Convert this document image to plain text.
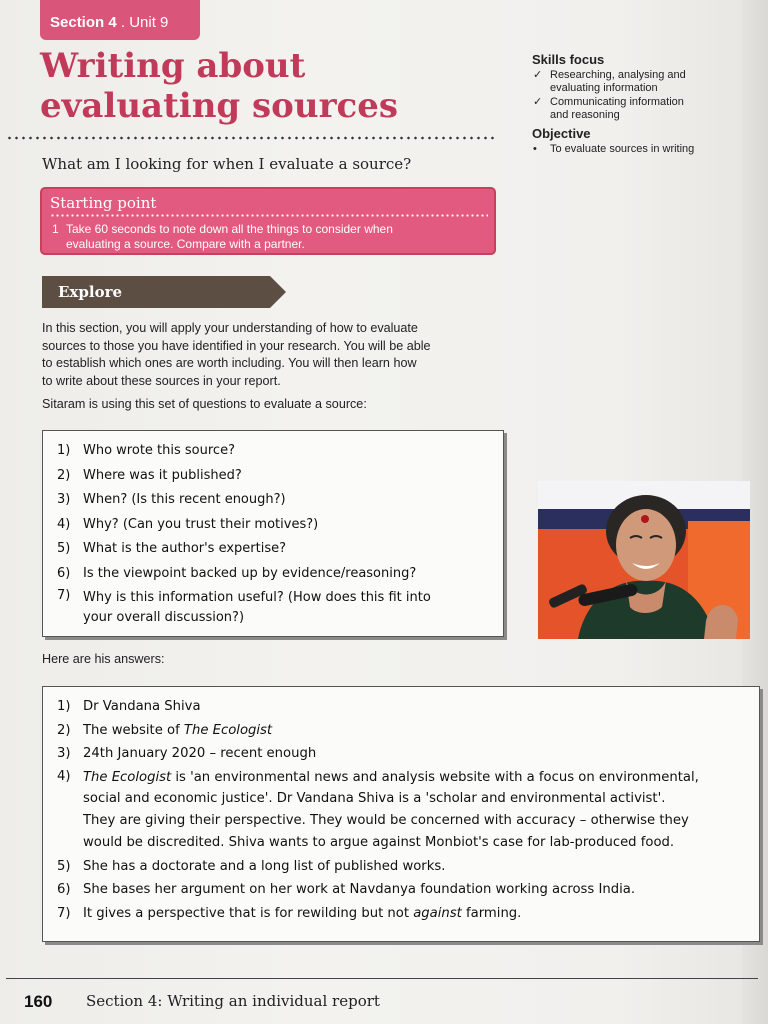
Section 4 . Unit 9
Writing about
evaluating sources
What am I looking for when I evaluate a source?
Skills focus
✓ Researching, analysing and
evaluating information
✓ Communicating information
and reasoning
Objective
• To evaluate sources in writing
Starting point
1 Take 60 seconds to note down all the things to consider when
evaluating a source. Compare with a partner.
Explore
In this section, you will apply your understanding of how to evaluate
sources to those you have identified in your research. You will be able
to establish which ones are worth including. You will then learn how
to write about these sources in your report.
Sitaram is using this set of questions to evaluate a source:
1) Who wrote this source?
2) Where was it published?
3) When? (Is this recent enough?)
4) Why? (Can you trust their motives?)
5) What is the author's expertise?
6) Is the viewpoint backed up by evidence/reasoning?
7) Why is this information useful? (How does this fit into
your overall discussion?)
Here are his answers:
1) Dr Vandana Shiva
2) The website of The Ecologist
3) 24th January 2020 – recent enough
4) The Ecologist is 'an environmental news and analysis website with a focus on environmental,
social and economic justice'. Dr Vandana Shiva is a 'scholar and environmental activist'.
They are giving their perspective. They would be concerned with accuracy – otherwise they
would be discredited. Shiva wants to argue against Monbiot's case for lab-produced food.
5) She has a doctorate and a long list of published works.
6) She bases her argument on her work at Navdanya foundation working across India.
7) It gives a perspective that is for rewilding but not against farming.
160 Section 4: Writing an individual report
